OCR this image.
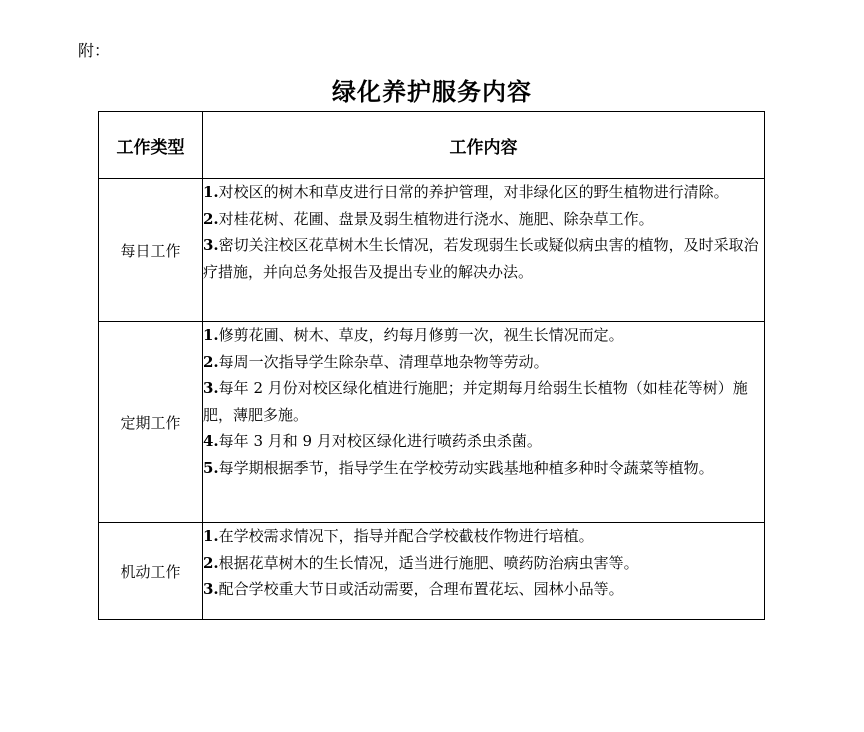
附：
绿化养护服务内容
工作类型	工作内容
每日工作	1.对校区的树木和草皮进行日常的养护管理，对非绿化区的野生植物进行清除。
2.对桂花树、花圃、盘景及弱生植物进行浇水、施肥、除杂草工作。
3.密切关注校区花草树木生长情况，若发现弱生长或疑似病虫害的植物，及时采取治疗措施，并向总务处报告及提出专业的解决办法。

定期工作	1.修剪花圃、树木、草皮，约每月修剪一次，视生长情况而定。
2.每周一次指导学生除杂草、清理草地杂物等劳动。
3.每年 2 月份对校区绿化植进行施肥；并定期每月给弱生长植物（如桂花等树）施肥，薄肥多施。
4.每年 3 月和 9 月对校区绿化进行喷药杀虫杀菌。
5.每学期根据季节，指导学生在学校劳动实践基地种植多种时令蔬菜等植物。

机动工作	1.在学校需求情况下，指导并配合学校截枝作物进行培植。
2.根据花草树木的生长情况，适当进行施肥、喷药防治病虫害等。
3.配合学校重大节日或活动需要，合理布置花坛、园林小品等。
